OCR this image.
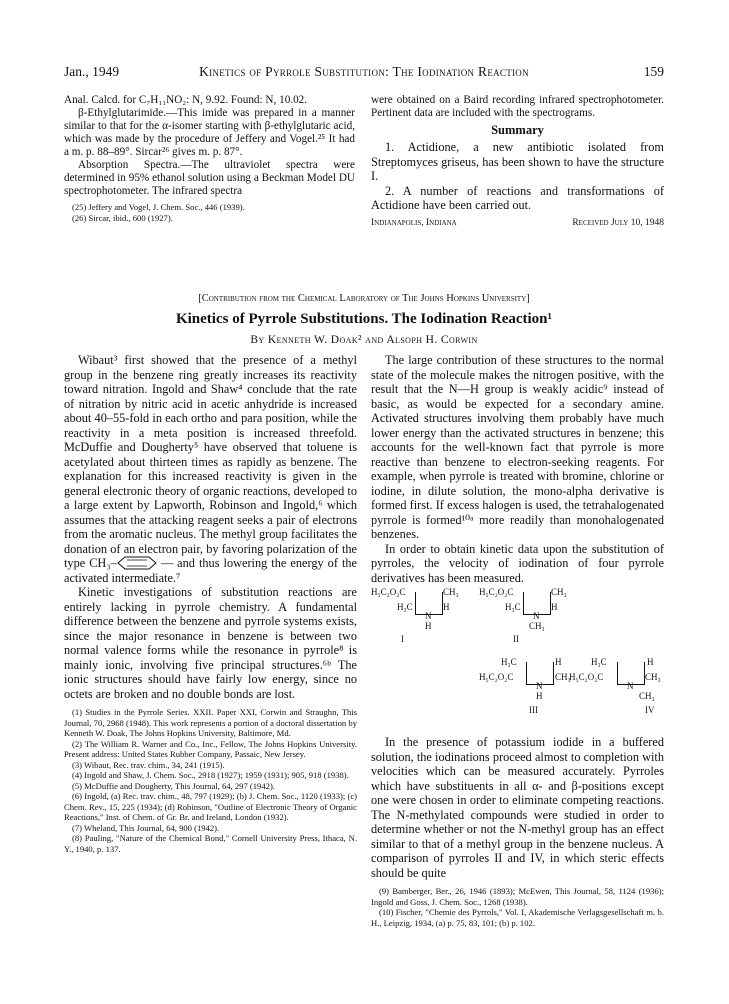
Jan., 1949	Kinetics of Pyrrole Substitution: The Iodination Reaction	159

Anal. Calcd. for C₇H₁₁NO₂: N, 9.92. Found: N, 10.02.

β-Ethylglutarimide.—This imide was prepared in a manner similar to that for the α-isomer starting with β-ethylglutaric acid, which was made by the procedure of Jeffery and Vogel.²⁵ It had a m. p. 88–89°. Sircar²⁶ gives m. p. 87°.

Absorption Spectra.—The ultraviolet spectra were determined in 95% ethanol solution using a Beckman Model DU spectrophotometer. The infrared spectra

(25) Jeffery and Vogel, J. Chem. Soc., 446 (1939).

(26) Sircar, ibid., 600 (1927).

were obtained on a Baird recording infrared spectrophotometer. Pertinent data are included with the spectrograms.

Summary

1. Actidione, a new antibiotic isolated from Streptomyces griseus, has been shown to have the structure I.

2. A number of reactions and transformations of Actidione have been carried out.

Indianapolis, Indiana	Received July 10, 1948
[Contribution from the Chemical Laboratory of The Johns Hopkins University]
Kinetics of Pyrrole Substitutions. The Iodination Reaction¹
By Kenneth W. Doak² and Alsoph H. Corwin

Wibaut³ first showed that the presence of a methyl group in the benzene ring greatly increases its reactivity toward nitration. Ingold and Shaw⁴ conclude that the rate of nitration by nitric acid in acetic anhydride is increased about 40–55-fold in each ortho and para position, while the reactivity in a meta position is increased threefold. McDuffie and Dougherty⁵ have observed that toluene is acetylated about thirteen times as rapidly as benzene. The explanation for this increased reactivity is given in the general electronic theory of organic reactions, developed to a large extent by Lapworth, Robinson and Ingold,⁶ which assumes that the attacking reagent seeks a pair of electrons from the aromatic nucleus. The methyl group facilitates the donation of an electron pair, by favoring polarization of the type CH₃–	— and thus lowering the energy of the activated intermediate.⁷

Kinetic investigations of substitution reactions are entirely lacking in pyrrole chemistry. A fundamental difference between the benzene and pyrrole systems exists, since the major resonance in benzene is between two normal valence forms while the resonance in pyrrole⁸ is mainly ionic, involving five principal structures.⁶ᵇ The ionic structures should have fairly low energy, since no octets are broken and no double bonds are lost.

(1) Studies in the Pyrrole Series. XXII. Paper XXI, Corwin and Straughn, This Journal, 70, 2968 (1948). This work represents a portion of a doctoral dissertation by Kenneth W. Doak, The Johns Hopkins University, Baltimore, Md.

(2) The William R. Warner and Co., Inc., Fellow, The Johns Hopkins University. Present address: United States Rubber Company, Passaic, New Jersey.

(3) Wibaut, Rec. trav. chim., 34, 241 (1915).

(4) Ingold and Shaw, J. Chem. Soc., 2918 (1927); 1959 (1931); 905, 918 (1938).

(5) McDuffie and Dougherty, This Journal, 64, 297 (1942).

(6) Ingold, (a) Rec. trav. chim., 48, 797 (1929); (b) J. Chem. Soc., 1120 (1933); (c) Chem. Rev., 15, 225 (1934); (d) Robinson, "Outline of Electronic Theory of Organic Reactions," Inst. of Chem. of Gr. Br. and Ireland, London (1932).

(7) Wheland, This Journal, 64, 900 (1942).

(8) Pauling, "Nature of the Chemical Bond," Cornell University Press, Ithaca, N. Y., 1940, p. 137.

The large contribution of these structures to the normal state of the molecule makes the nitrogen positive, with the result that the N—H group is weakly acidic⁹ instead of basic, as would be expected for a secondary amine. Activated structures involving them probably have much lower energy than the activated structures in benzene; this accounts for the well-known fact that pyrrole is more reactive than benzene to electron-seeking reagents. For example, when pyrrole is treated with bromine, chlorine or iodine, in dilute solution, the mono-alpha derivative is formed first. If excess halogen is used, the tetrahalogenated pyrrole is formed¹⁰ᵃ more readily than monohalogenated benzenes.

In order to obtain kinetic data upon the substitution of pyrroles, the velocity of iodination of four pyrrole derivatives has been measured.

H₅C₂O₂C	CH₃
H₃C	H
N
H
I
H₅C₂O₂C	CH₃
H₃C	H
N
CH₃
II
H₃C	H
H₅C₂O₂C	CH₃
N
H
III
H₃C	H
H₅C₂O₂C	CH₃
N
CH₃
IV

In the presence of potassium iodide in a buffered solution, the iodinations proceed almost to completion with velocities which can be measured accurately. Pyrroles which have substituents in all α- and β-positions except one were chosen in order to eliminate competing reactions. The N-methylated compounds were studied in order to determine whether or not the N-methyl group has an effect similar to that of a methyl group in the benzene nucleus. A comparison of pyrroles II and IV, in which steric effects should be quite

(9) Bamberger, Ber., 26, 1946 (1893); McEwen, This Journal, 58, 1124 (1936); Ingold and Goss, J. Chem. Soc., 1268 (1938).

(10) Fischer, "Chemie des Pyrrols," Vol. I, Akademische Verlagsgesellschaft m. b. H., Leipzig, 1934, (a) p. 75, 83, 101; (b) p. 102.
